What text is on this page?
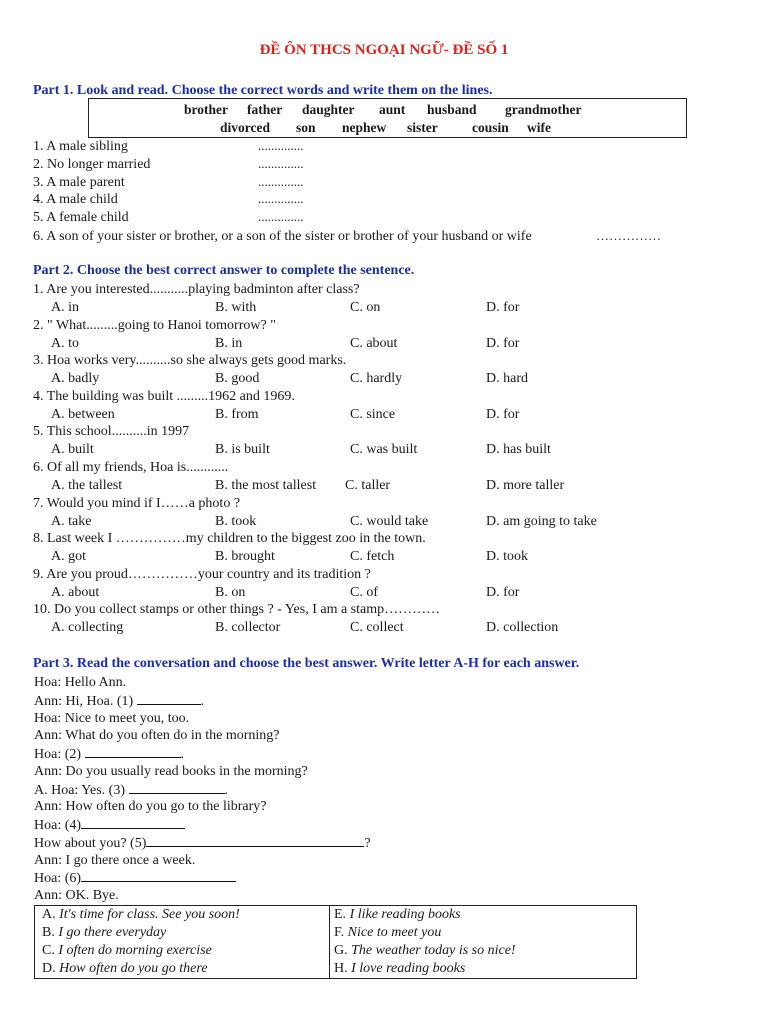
ĐỀ ÔN THCS NGOẠI NGỮ- ĐỀ SỐ 1
Part 1. Look and read. Choose the correct words and write them on the lines.
brother father daughter aunt husband grandmother
divorced son nephew sister	cousin wife
1. A male sibling	..............
2. No longer married	..............
3. A male parent	..............
4. A male child	..............
5. A female child	..............
6. A son of your sister or brother, or a son of the sister or brother of your husband or wife	……………
Part 2. Choose the best correct answer to complete the sentence.
1. Are you interested...........playing badminton after class?
A. in	B. with	C. on	D. for
2. " What.........going to Hanoi tomorrow? "
A. to	B. in	C. about	D. for
3. Hoa works very..........so she always gets good marks.
A. badly	B. good	C. hardly	D. hard
4. The building was built .........1962 and 1969.
A. between	B. from	C. since	D. for
5. This school..........in 1997
A. built	B. is built	C. was built	D. has built
6. Of all my friends, Hoa is............
A. the tallest	B. the most tallest C. taller	D. more taller
7. Would you mind if I……a photo ?
A. take	B. took	C. would take	D. am going to take
8. Last week I ……………my children to the biggest zoo in the town.
A. got	B. brought	C. fetch	D. took
9. Are you proud……………your country and its tradition ?
A. about	B. on	C. of	D. for
10. Do you collect stamps or other things ? - Yes, I am a stamp…………
A. collecting	B. collector	C. collect	D. collection
Part 3. Read the conversation and choose the best answer. Write letter A-H for each answer.
Hoa: Hello Ann.
Ann: Hi, Hoa. (1)	.
Hoa: Nice to meet you, too.
Ann: What do you often do in the morning?
Hoa: (2)	.
Ann: Do you usually read books in the morning?
A. Hoa: Yes. (3)	.
Ann: How often do you go to the library?
Hoa: (4)
How about you? (5)	?
Ann: I go there once a week.
Hoa: (6)
Ann: OK. Bye.
A. It's time for class. See you soon!
B. I go there everyday
C. I often do morning exercise
D. How often do you go there
E. I like reading books
F. Nice to meet you
G. The weather today is so nice!
H. I love reading books
